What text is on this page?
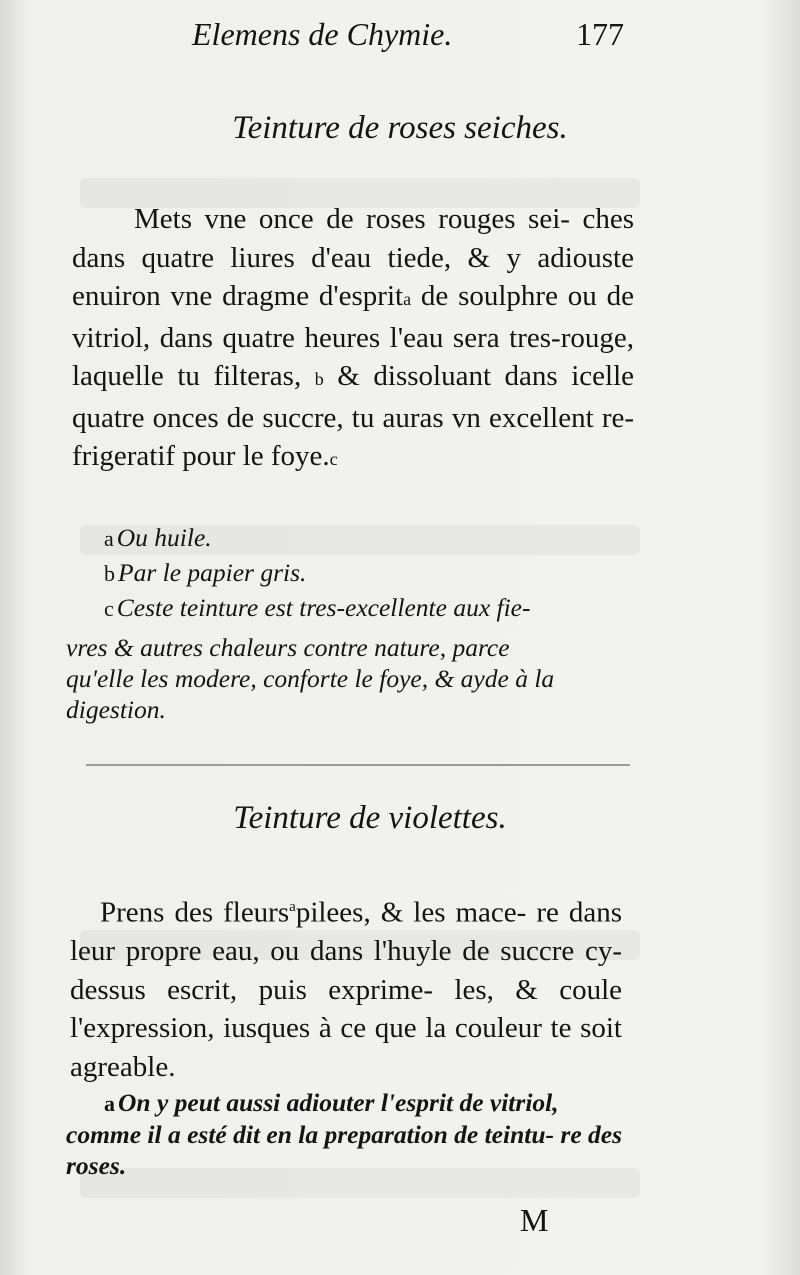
Elemens de Chymie.	177
Teinture de roses seiches.
Mets vne once de roses rouges sei- ches dans quatre liures d'eau tiede, & y adiouste enuiron vne dragme d'esprita de soulphre ou de vitriol, dans quatre heures l'eau sera tres-rouge, laquelle tu filteras, b & dissoluant dans icelle quatre onces de succre, tu auras vn excellent re- frigeratif pour le foye.c
a Ou huile.
b Par le papier gris.
c Ceste teinture est tres-excellente aux fie-
vres & autres chaleurs contre nature, parce
qu'elle les modere, conforte le foye, & ayde à la
digestion.
Teinture de violettes.
Prens des fleurs$^a$pilees, & les mace- re dans leur propre eau, ou dans l'huyle de succre cy-dessus escrit, puis exprime- les, & coule l'expression, iusques à ce que la couleur te soit agreable.
a On y peut aussi adiouter l'esprit de vitriol, comme il a esté dit en la preparation de teintu- re des roses.
M
